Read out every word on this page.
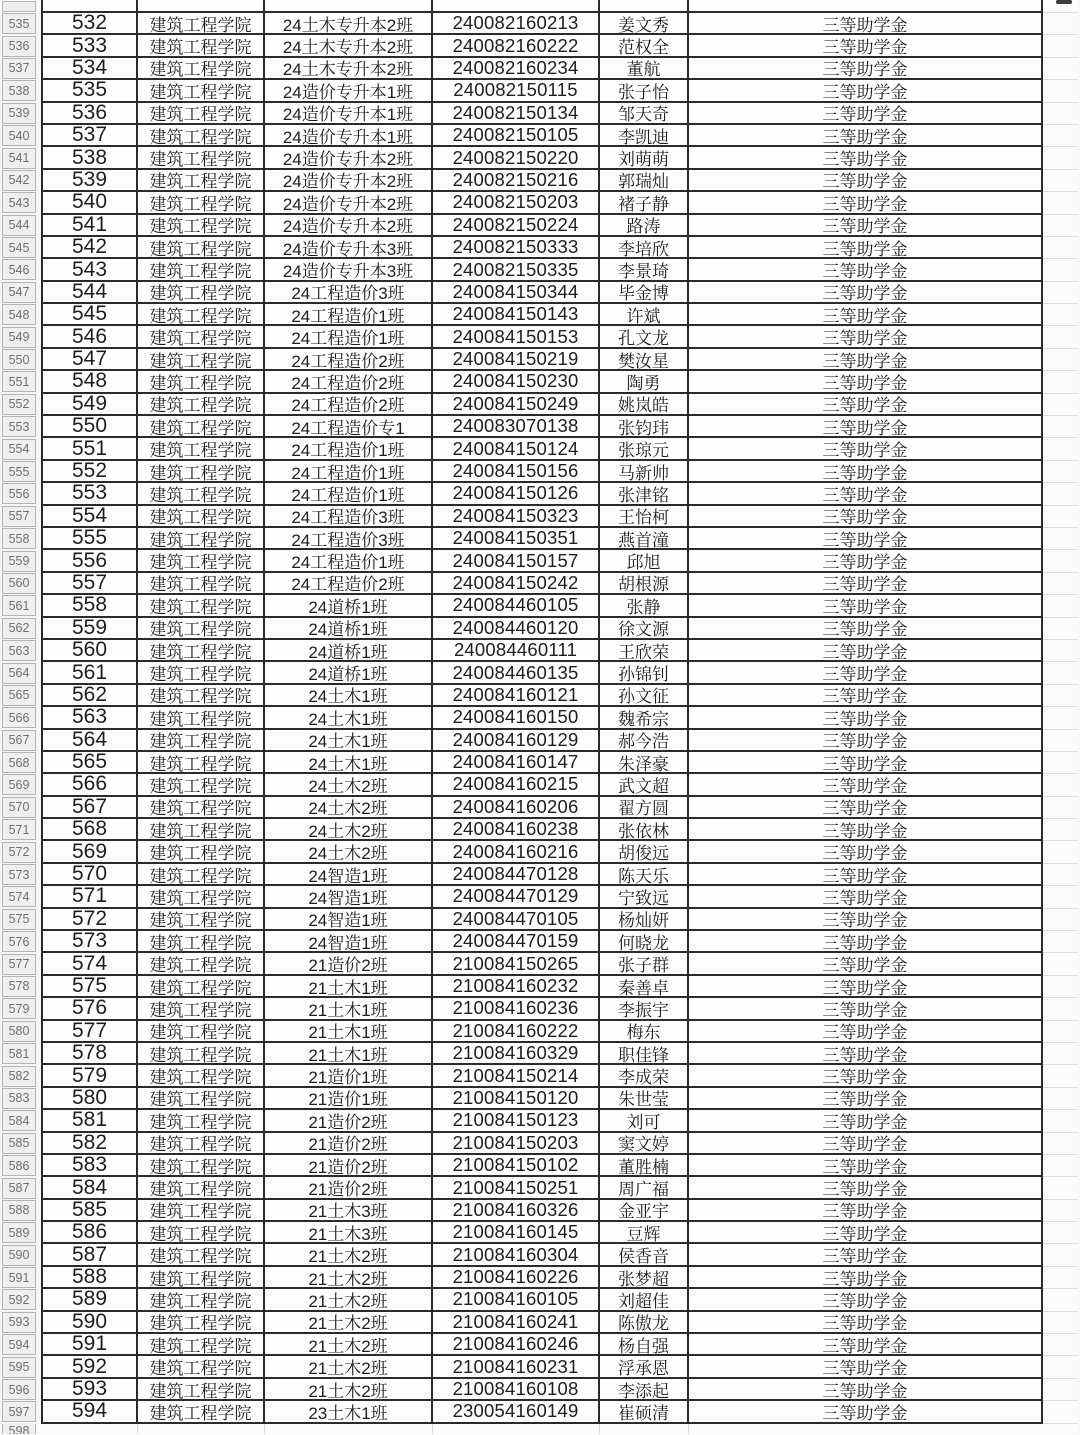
535	532	建筑工程学院	24土木专升本2班	240082160213	姜文秀	三等助学金
536	533	建筑工程学院	24土木专升本2班	240082160222	范权全	三等助学金
537	534	建筑工程学院	24土木专升本2班	240082160234	董航	三等助学金
538	535	建筑工程学院	24造价专升本1班	240082150115	张子怡	三等助学金
539	536	建筑工程学院	24造价专升本1班	240082150134	邹天奇	三等助学金
540	537	建筑工程学院	24造价专升本1班	240082150105	李凯迪	三等助学金
541	538	建筑工程学院	24造价专升本2班	240082150220	刘萌萌	三等助学金
542	539	建筑工程学院	24造价专升本2班	240082150216	郭瑞灿	三等助学金
543	540	建筑工程学院	24造价专升本2班	240082150203	褚子静	三等助学金
544	541	建筑工程学院	24造价专升本2班	240082150224	路涛	三等助学金
545	542	建筑工程学院	24造价专升本3班	240082150333	李培欣	三等助学金
546	543	建筑工程学院	24造价专升本3班	240082150335	李景琦	三等助学金
547	544	建筑工程学院	24工程造价3班	240084150344	毕金博	三等助学金
548	545	建筑工程学院	24工程造价1班	240084150143	许斌	三等助学金
549	546	建筑工程学院	24工程造价1班	240084150153	孔文龙	三等助学金
550	547	建筑工程学院	24工程造价2班	240084150219	樊汝星	三等助学金
551	548	建筑工程学院	24工程造价2班	240084150230	陶勇	三等助学金
552	549	建筑工程学院	24工程造价2班	240084150249	姚岚皓	三等助学金
553	550	建筑工程学院	24工程造价专1	240083070138	张钧玮	三等助学金
554	551	建筑工程学院	24工程造价1班	240084150124	张琼元	三等助学金
555	552	建筑工程学院	24工程造价1班	240084150156	马新帅	三等助学金
556	553	建筑工程学院	24工程造价1班	240084150126	张津铭	三等助学金
557	554	建筑工程学院	24工程造价3班	240084150323	王怡柯	三等助学金
558	555	建筑工程学院	24工程造价3班	240084150351	燕首潼	三等助学金
559	556	建筑工程学院	24工程造价1班	240084150157	邱旭	三等助学金
560	557	建筑工程学院	24工程造价2班	240084150242	胡根源	三等助学金
561	558	建筑工程学院	24道桥1班	240084460105	张静	三等助学金
562	559	建筑工程学院	24道桥1班	240084460120	徐文源	三等助学金
563	560	建筑工程学院	24道桥1班	240084460111	王欣荣	三等助学金
564	561	建筑工程学院	24道桥1班	240084460135	孙锦钊	三等助学金
565	562	建筑工程学院	24土木1班	240084160121	孙文征	三等助学金
566	563	建筑工程学院	24土木1班	240084160150	魏希宗	三等助学金
567	564	建筑工程学院	24土木1班	240084160129	郝今浩	三等助学金
568	565	建筑工程学院	24土木1班	240084160147	朱泽豪	三等助学金
569	566	建筑工程学院	24土木2班	240084160215	武文超	三等助学金
570	567	建筑工程学院	24土木2班	240084160206	翟方圆	三等助学金
571	568	建筑工程学院	24土木2班	240084160238	张依林	三等助学金
572	569	建筑工程学院	24土木2班	240084160216	胡俊远	三等助学金
573	570	建筑工程学院	24智造1班	240084470128	陈天乐	三等助学金
574	571	建筑工程学院	24智造1班	240084470129	宁致远	三等助学金
575	572	建筑工程学院	24智造1班	240084470105	杨灿妍	三等助学金
576	573	建筑工程学院	24智造1班	240084470159	何晓龙	三等助学金
577	574	建筑工程学院	21造价2班	210084150265	张子群	三等助学金
578	575	建筑工程学院	21土木1班	210084160232	秦善卓	三等助学金
579	576	建筑工程学院	21土木1班	210084160236	李振宇	三等助学金
580	577	建筑工程学院	21土木1班	210084160222	梅东	三等助学金
581	578	建筑工程学院	21土木1班	210084160329	职佳锋	三等助学金
582	579	建筑工程学院	21造价1班	210084150214	李成荣	三等助学金
583	580	建筑工程学院	21造价1班	210084150120	朱世莹	三等助学金
584	581	建筑工程学院	21造价2班	210084150123	刘可	三等助学金
585	582	建筑工程学院	21造价2班	210084150203	窦文婷	三等助学金
586	583	建筑工程学院	21造价2班	210084150102	董胜楠	三等助学金
587	584	建筑工程学院	21造价2班	210084150251	周广福	三等助学金
588	585	建筑工程学院	21土木3班	210084160326	金亚宇	三等助学金
589	586	建筑工程学院	21土木3班	210084160145	豆辉	三等助学金
590	587	建筑工程学院	21土木2班	210084160304	侯香音	三等助学金
591	588	建筑工程学院	21土木2班	210084160226	张梦超	三等助学金
592	589	建筑工程学院	21土木2班	210084160105	刘超佳	三等助学金
593	590	建筑工程学院	21土木2班	210084160241	陈傲龙	三等助学金
594	591	建筑工程学院	21土木2班	210084160246	杨自强	三等助学金
595	592	建筑工程学院	21土木2班	210084160231	浮承恩	三等助学金
596	593	建筑工程学院	21土木2班	210084160108	李添起	三等助学金
597	594	建筑工程学院	23土木1班	230054160149	崔硕清	三等助学金
598
